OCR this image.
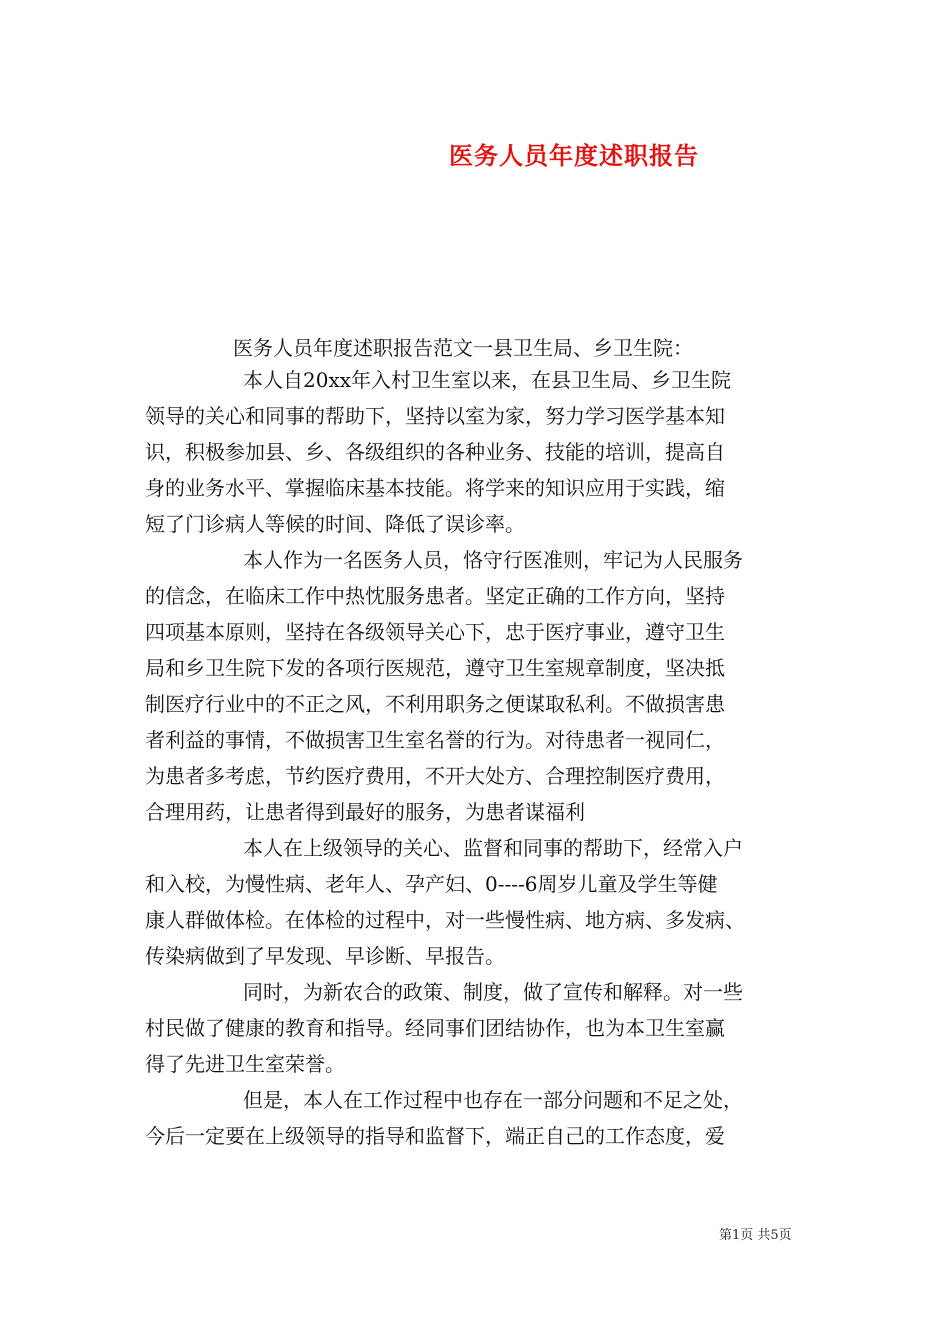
医务人员年度述职报告

医务人员年度述职报告范文一县卫生局、乡卫生院：

本人自20xx年入村卫生室以来，在县卫生局、乡卫生院
领导的关心和同事的帮助下，坚持以室为家，努力学习医学基本知
识，积极参加县、乡、各级组织的各种业务、技能的培训，提高自
身的业务水平、掌握临床基本技能。将学来的知识应用于实践，缩
短了门诊病人等候的时间、降低了误诊率。

本人作为一名医务人员，恪守行医准则，牢记为人民服务
的信念，在临床工作中热忱服务患者。坚定正确的工作方向，坚持
四项基本原则，坚持在各级领导关心下，忠于医疗事业，遵守卫生
局和乡卫生院下发的各项行医规范，遵守卫生室规章制度，坚决抵
制医疗行业中的不正之风，不利用职务之便谋取私利。不做损害患
者利益的事情，不做损害卫生室名誉的行为。对待患者一视同仁，
为患者多考虑，节约医疗费用，不开大处方、合理控制医疗费用，
合理用药，让患者得到最好的服务，为患者谋福利

本人在上级领导的关心、监督和同事的帮助下，经常入户
和入校，为慢性病、老年人、孕产妇、0----6周岁儿童及学生等健
康人群做体检。在体检的过程中，对一些慢性病、地方病、多发病、
传染病做到了早发现、早诊断、早报告。

同时，为新农合的政策、制度，做了宣传和解释。对一些
村民做了健康的教育和指导。经同事们团结协作，也为本卫生室赢
得了先进卫生室荣誉。

但是，本人在工作过程中也存在一部分问题和不足之处，
今后一定要在上级领导的指导和监督下，端正自己的工作态度，爱

第1页 共5页
